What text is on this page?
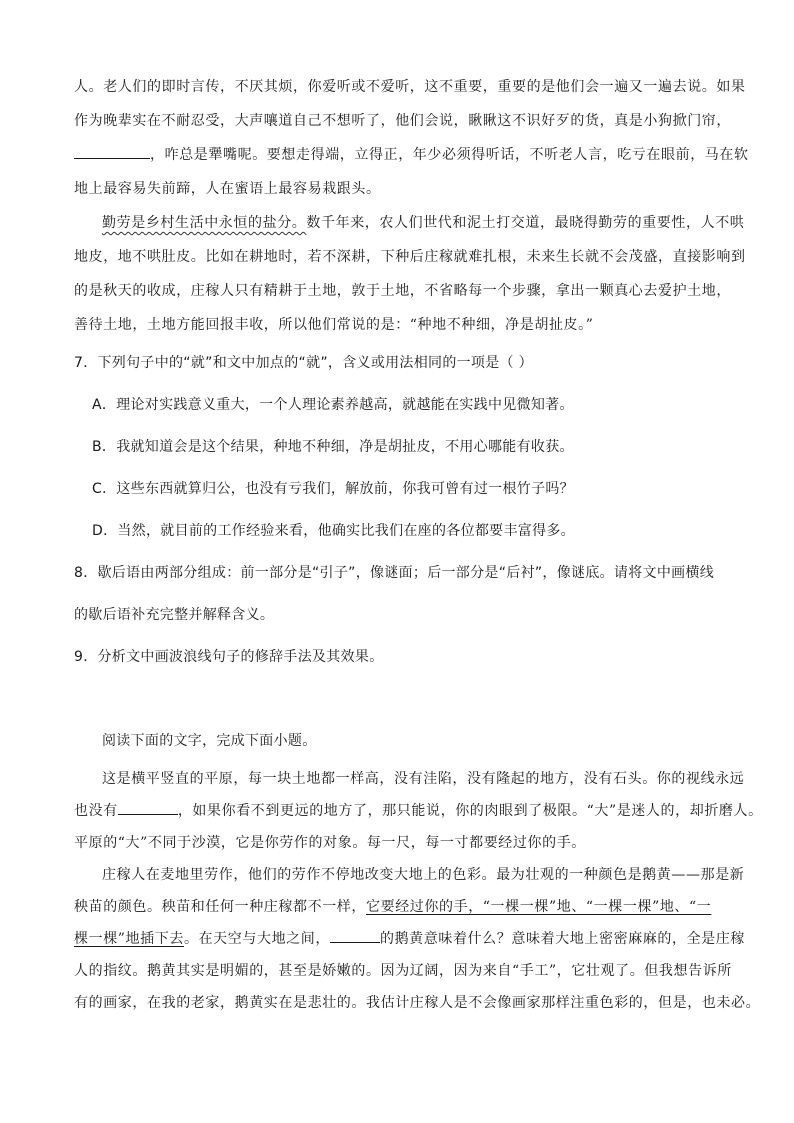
人。老人们的即时言传，不厌其烦，你爱听或不爱听，这不重要，重要的是他们会一遍又一遍去说。如果
作为晚辈实在不耐忍受，大声嚷道自己不想听了，他们会说，瞅瞅这不识好歹的货，真是小狗掀门帘，
，咋总是犟嘴呢。要想走得端，立得正，年少必须得听话，不听老人言，吃亏在眼前，马在软
地上最容易失前蹄，人在蜜语上最容易栽跟头。
勤劳是乡村生活中永恒的盐分。数千年来，农人们世代和泥土打交道，最晓得勤劳的重要性，人不哄
地皮，地不哄肚皮。比如在耕地时，若不深耕，下种后庄稼就难扎根，未来生长就不会茂盛，直接影响到
的是秋天的收成，庄稼人只有精耕于土地，敦于土地，不省略每一个步骤，拿出一颗真心去爱护土地，
善待土地，土地方能回报丰收，所以他们常说的是：“种地不种细，净是胡扯皮。”
7．下列句子中的“就”和文中加点的“就”，含义或用法相同的一项是（ ）
A．理论对实践意义重大，一个人理论素养越高，就越能在实践中见微知著。
B．我就知道会是这个结果，种地不种细，净是胡扯皮，不用心哪能有收获。
C．这些东西就算归公，也没有亏我们，解放前，你我可曾有过一根竹子吗？
D．当然，就目前的工作经验来看，他确实比我们在座的各位都要丰富得多。
8．歇后语由两部分组成：前一部分是“引子”，像谜面；后一部分是“后衬”，像谜底。请将文中画横线
的歇后语补充完整并解释含义。
9．分析文中画波浪线句子的修辞手法及其效果。
阅读下面的文字，完成下面小题。
这是横平竖直的平原，每一块土地都一样高，没有洼陷，没有隆起的地方，没有石头。你的视线永远
也没有	，如果你看不到更远的地方了，那只能说，你的肉眼到了极限。“大”是迷人的，却折磨人。
平原的“大”不同于沙漠，它是你劳作的对象。每一尺，每一寸都要经过你的手。
庄稼人在麦地里劳作，他们的劳作不停地改变大地上的色彩。最为壮观的一种颜色是鹅黄——那是新
秧苗的颜色。秧苗和任何一种庄稼都不一样，它要经过你的手，“一棵一棵”地、“一棵一棵”地、“一
棵一棵”地插下去。在天空与大地之间，	的鹅黄意味着什么？意味着大地上密密麻麻的，全是庄稼
人的指纹。鹅黄其实是明媚的，甚至是娇嫩的。因为辽阔，因为来自“手工”，它壮观了。但我想告诉所
有的画家，在我的老家，鹅黄实在是悲壮的。我估计庄稼人是不会像画家那样注重色彩的，但是，也未必。
